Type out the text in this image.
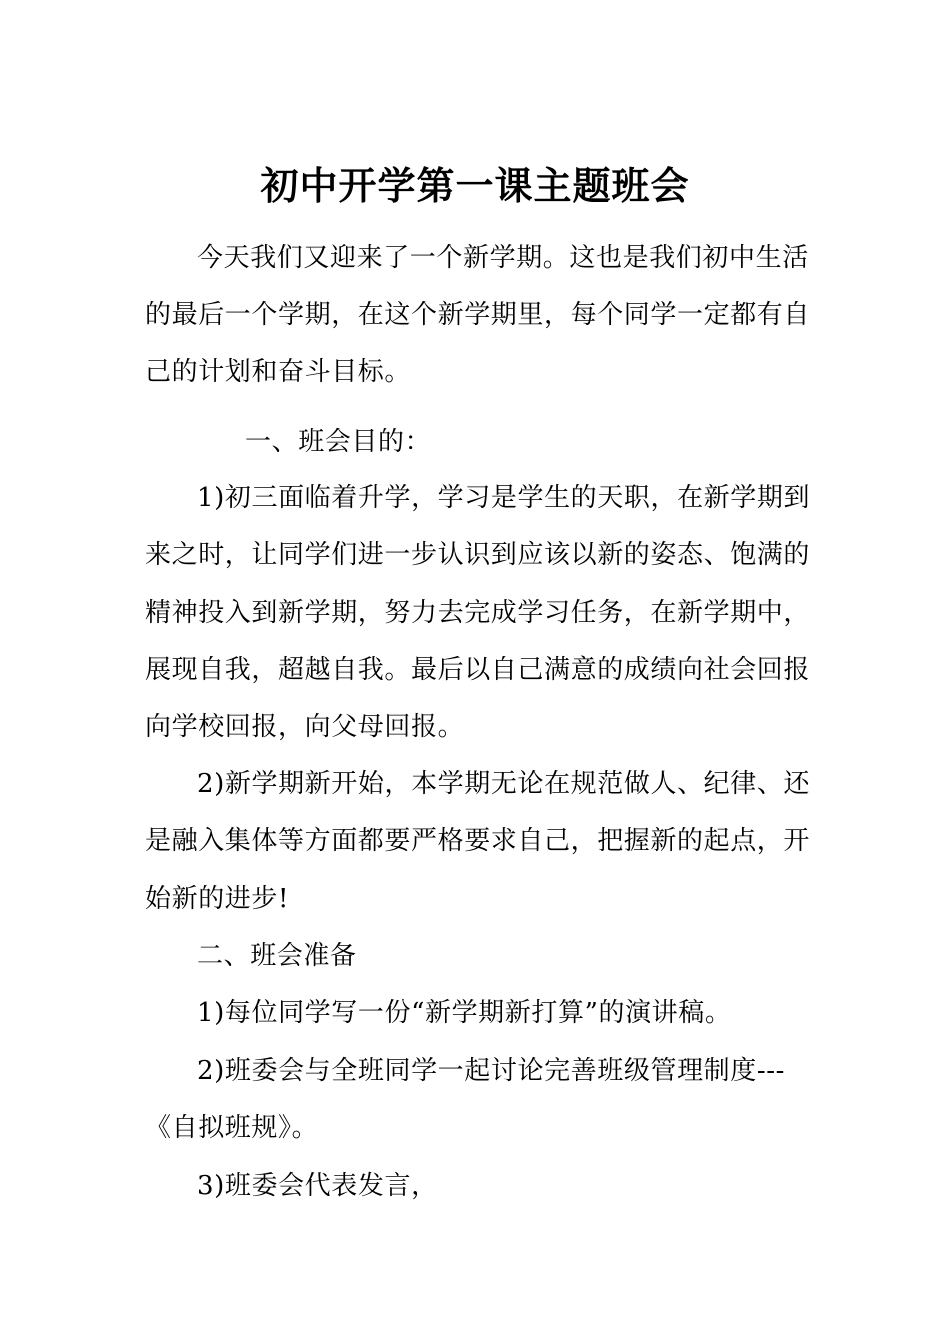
初中开学第一课主题班会
今天我们又迎来了一个新学期。这也是我们初中生活
的最后一个学期，在这个新学期里，每个同学一定都有自
己的计划和奋斗目标。
一、班会目的：
1)初三面临着升学，学习是学生的天职，在新学期到
来之时，让同学们进一步认识到应该以新的姿态、饱满的
精神投入到新学期，努力去完成学习任务，在新学期中，
展现自我，超越自我。最后以自己满意的成绩向社会回报
向学校回报，向父母回报。
2)新学期新开始，本学期无论在规范做人、纪律、还
是融入集体等方面都要严格要求自己，把握新的起点，开
始新的进步!
二、班会准备
1)每位同学写一份“新学期新打算”的演讲稿。
2)班委会与全班同学一起讨论完善班级管理制度---
《自拟班规》。
3)班委会代表发言，
